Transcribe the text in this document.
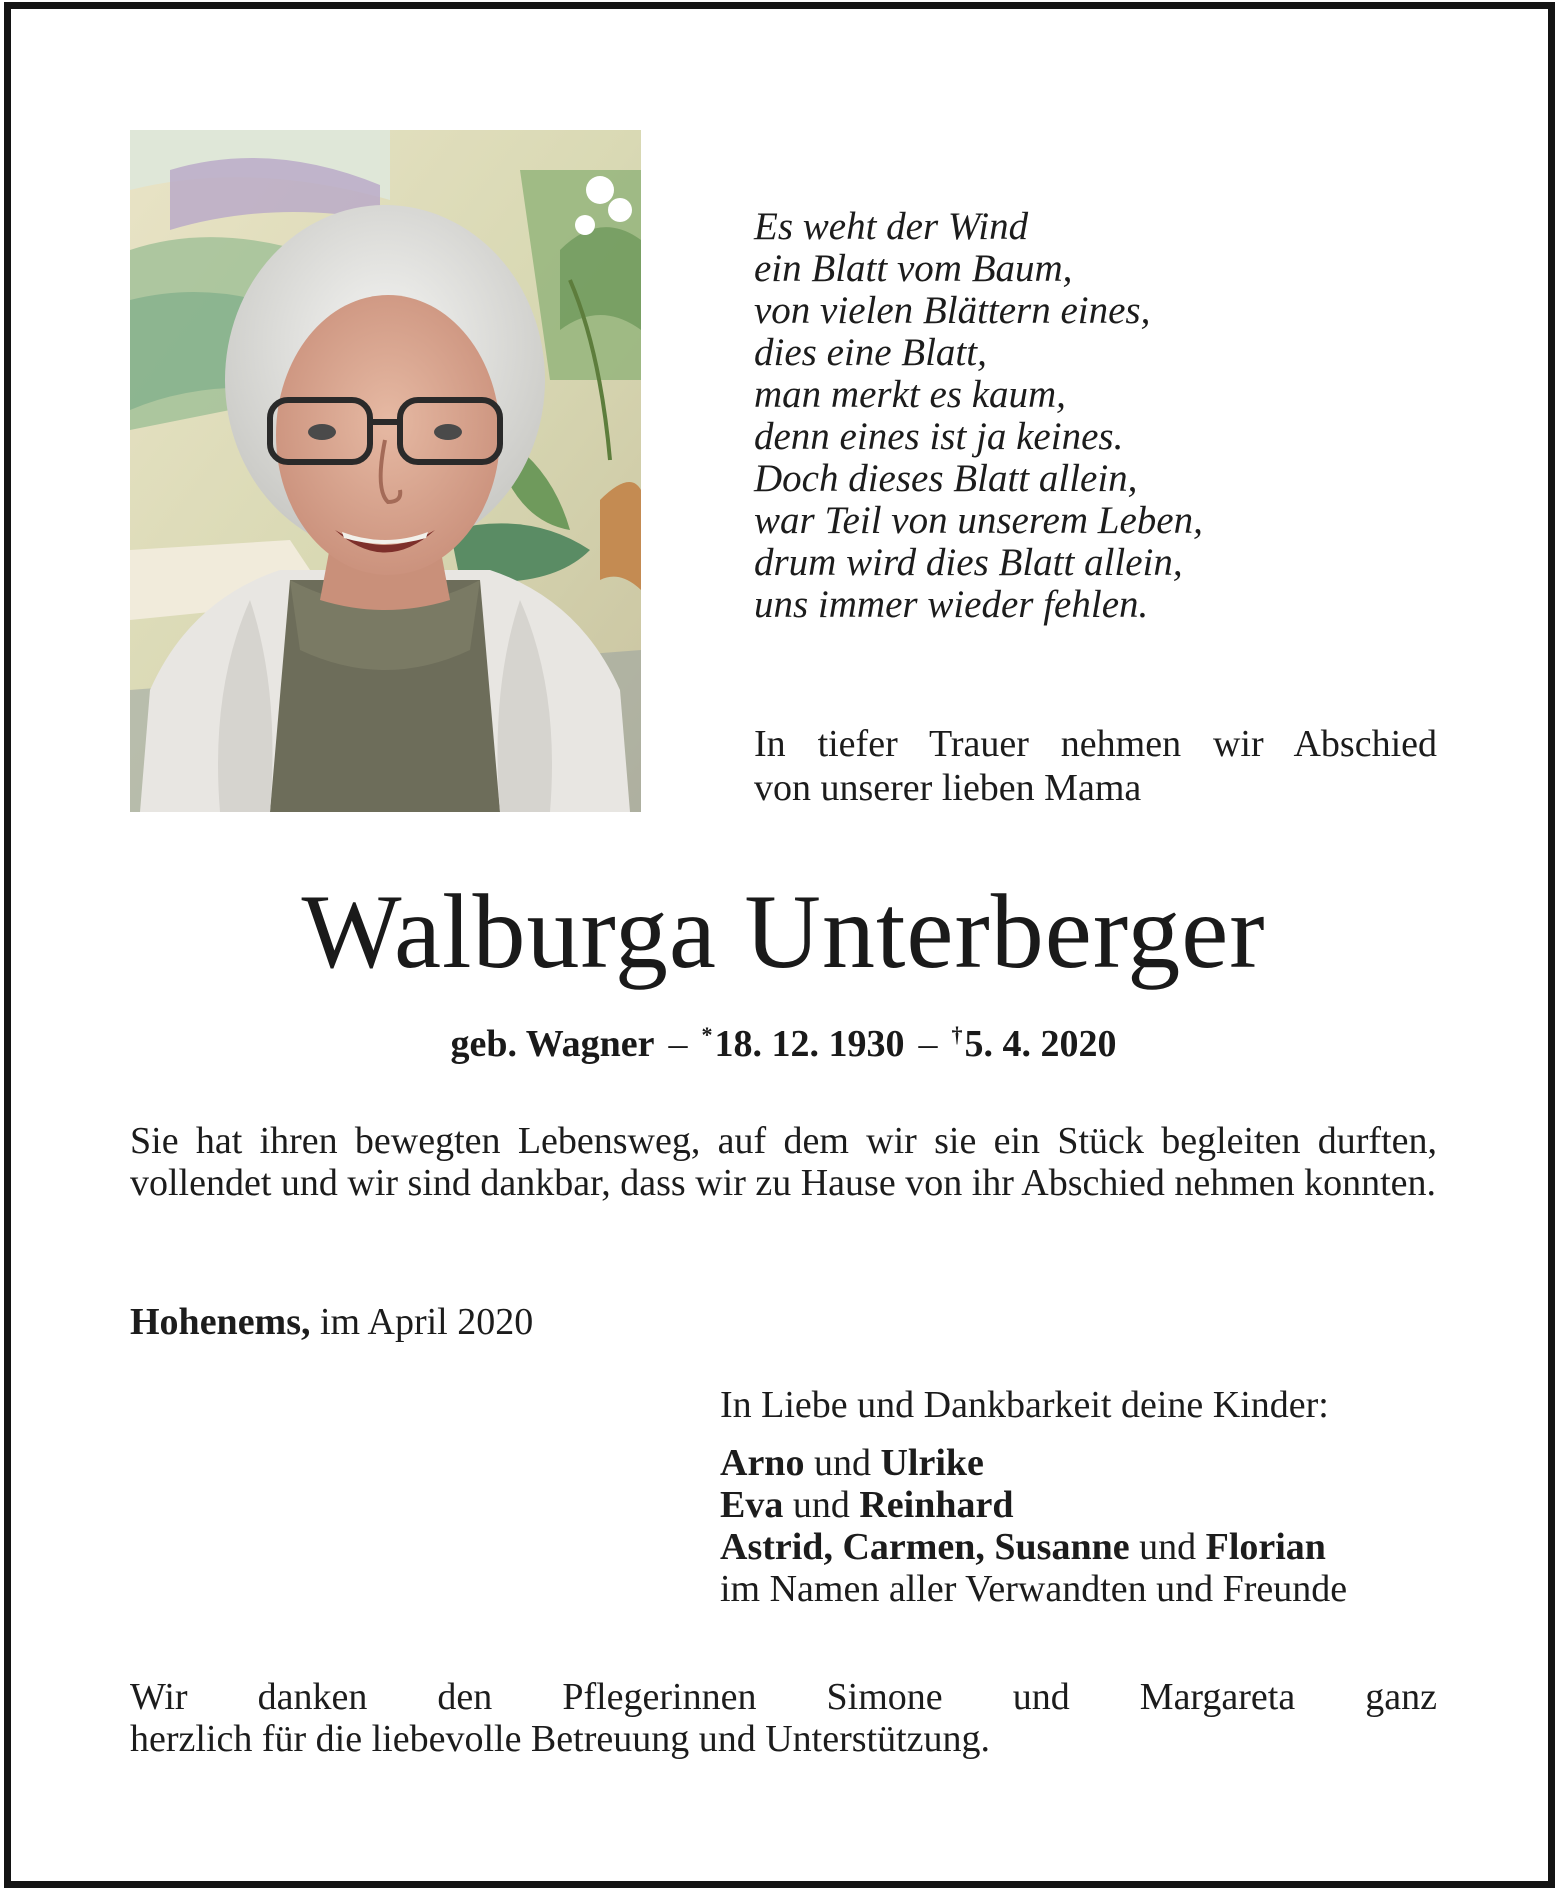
Es weht der Wind
ein Blatt vom Baum,
von vielen Blättern eines,
dies eine Blatt,
man merkt es kaum,
denn eines ist ja keines.
Doch dieses Blatt allein,
war Teil von unserem Leben,
drum wird dies Blatt allein,
uns immer wieder fehlen.
In tiefer Trauer nehmen wir Abschied
von unserer lieben Mama
Walburga Unterberger
geb. Wagner – *18. 12. 1930 – †5. 4. 2020
Sie hat ihren bewegten Lebensweg, auf dem wir sie ein Stück begleiten durften, vollendet und wir sind dankbar, dass wir zu Hause von ihr Abschied nehmen konnten.
Hohenems, im April 2020
In Liebe und Dankbarkeit deine Kinder:
Arno und Ulrike
Eva und Reinhard
Astrid, Carmen, Susanne und Florian
im Namen aller Verwandten und Freunde
Wir danken den Pflegerinnen Simone und Margareta ganz
herzlich für die liebevolle Betreuung und Unterstützung.
